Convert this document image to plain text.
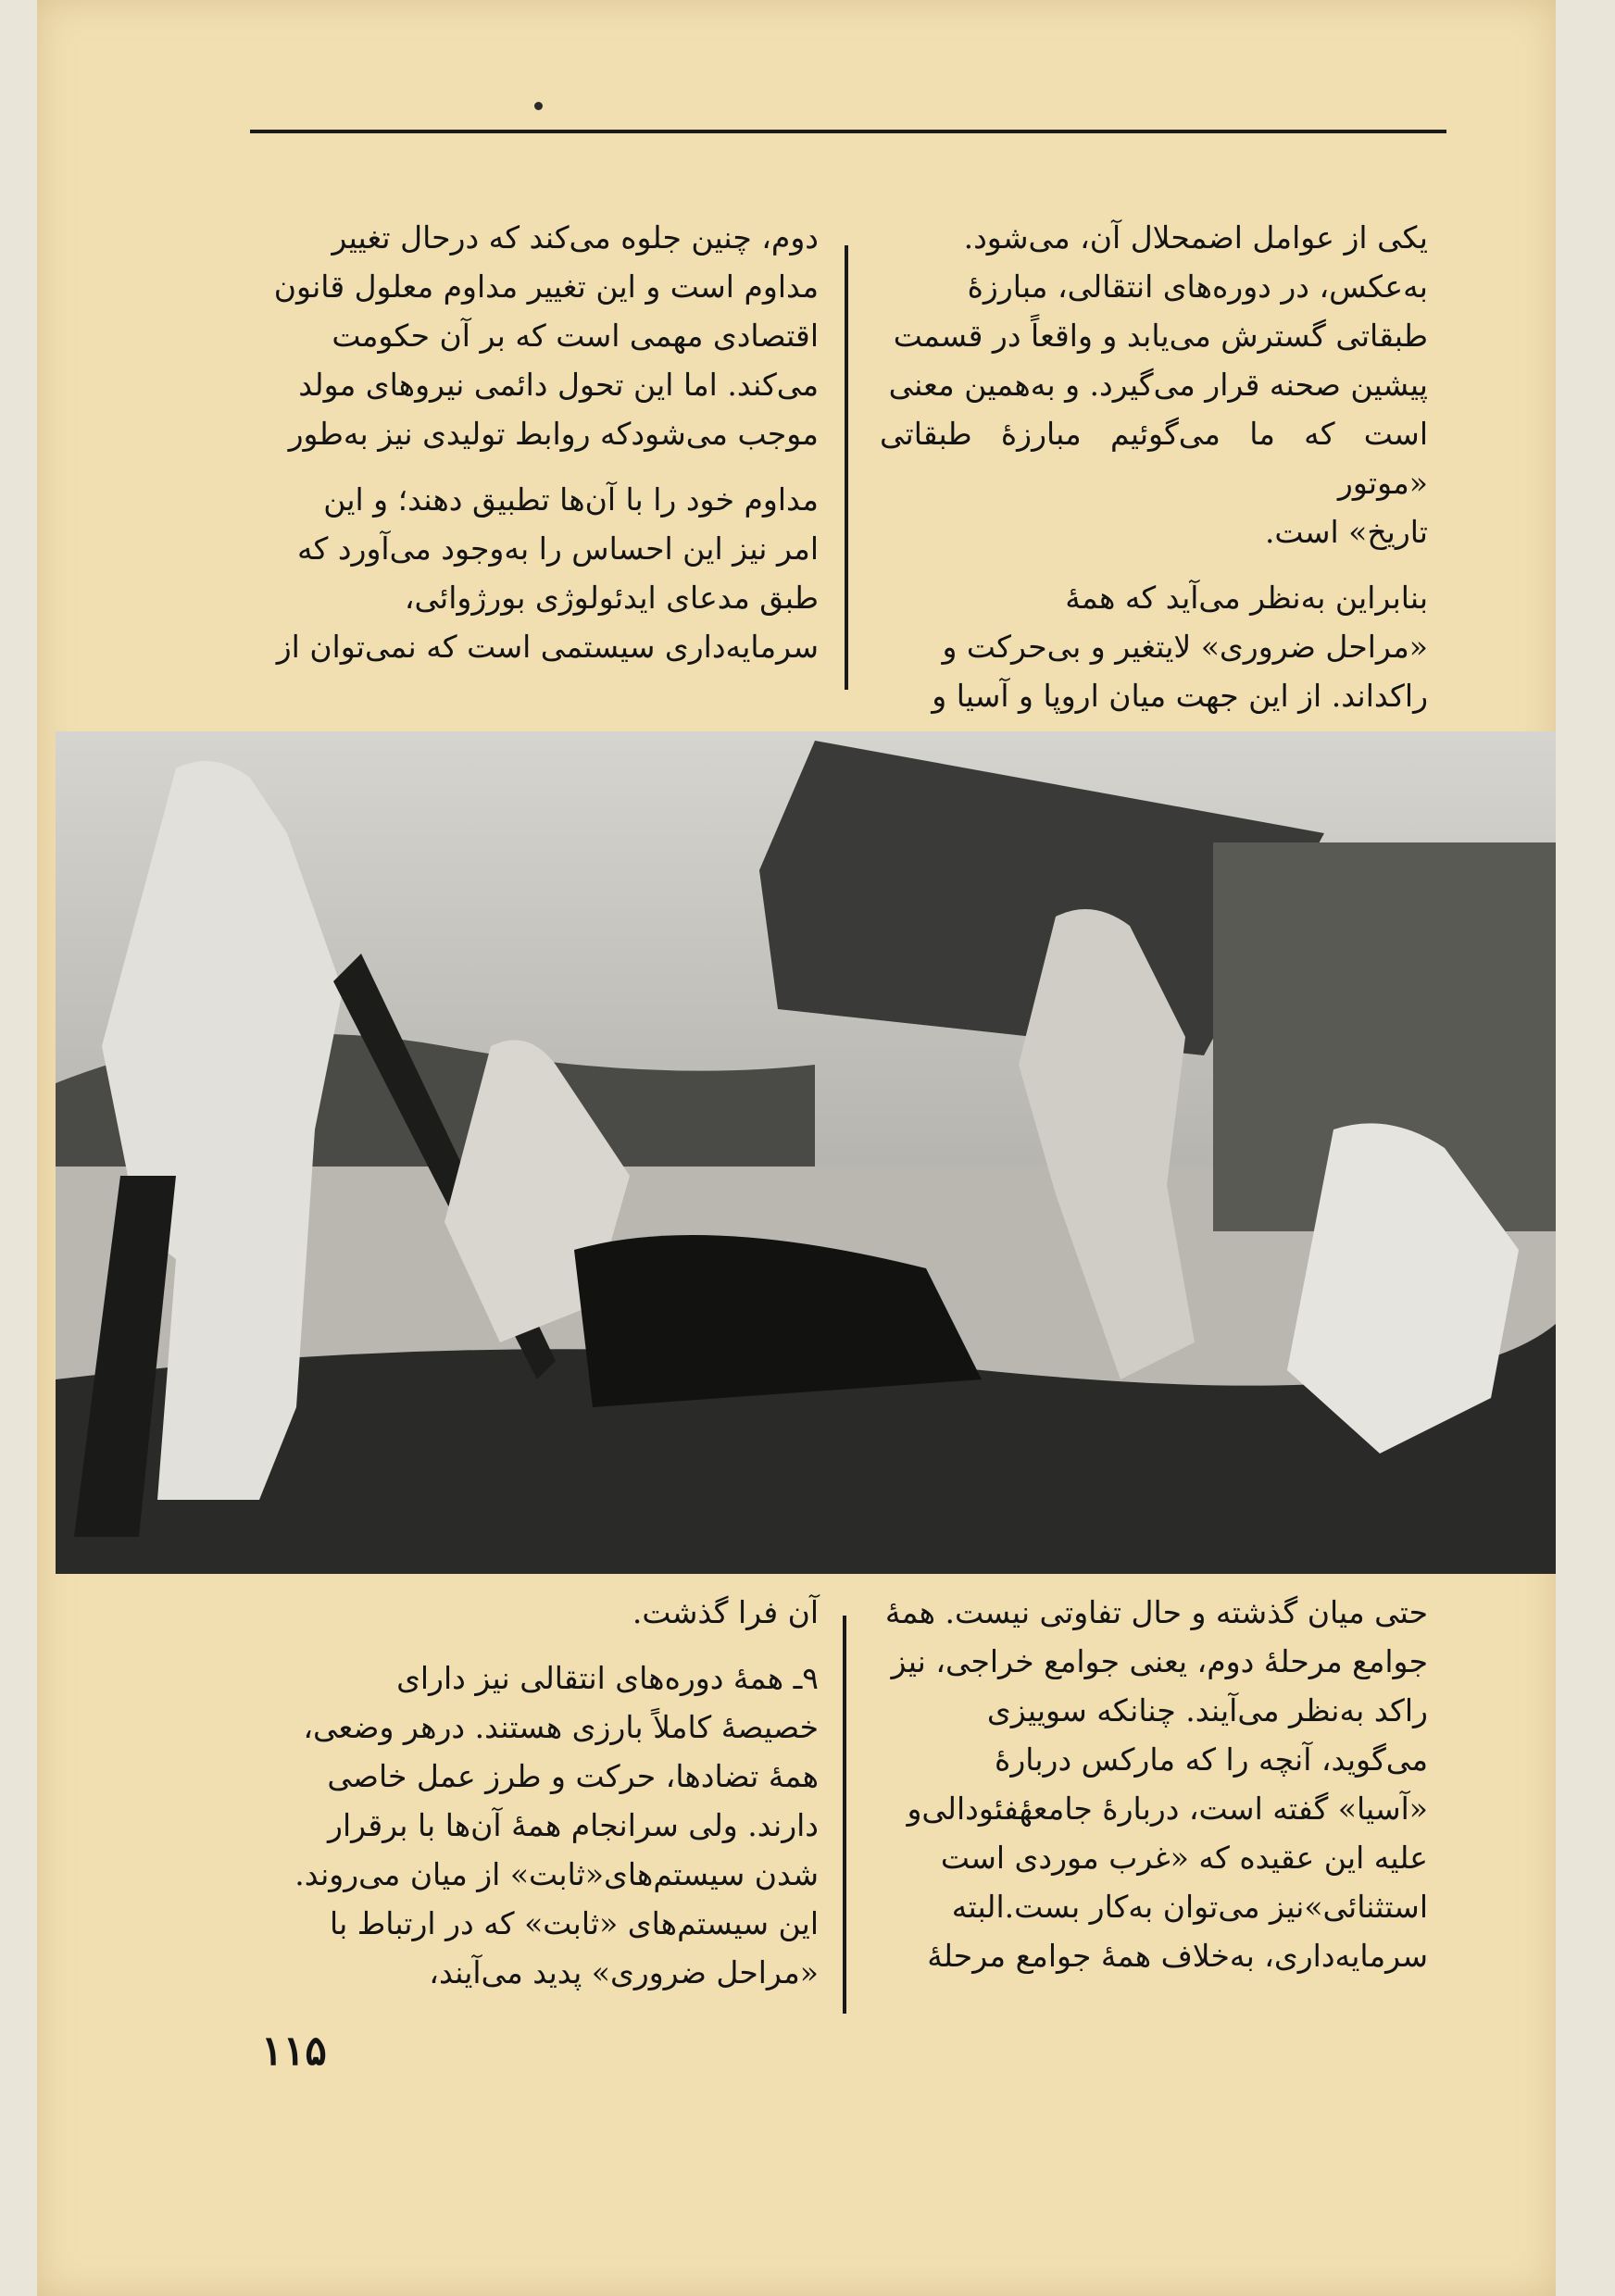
یکی از عوامل اضمحلال آن، می‌شود.
به‌عکس، در دوره‌های انتقالی، مبارزهٔ
طبقاتی گسترش می‌یابد و واقعاً در قسمت
پیشین صحنه قرار می‌گیرد. و به‌همین معنی
است که ما می‌گوئیم مبارزهٔ طبقاتی «موتور
تاریخ» است.

بنابراین به‌نظر می‌آید که همهٔ
«مراحل ضروری» لایتغیر و بی‌حرکت و
راکداند. از این جهت میان اروپا و آسیا و

دوم، چنین جلوه می‌کند که درحال تغییر
مداوم است و این تغییر مداوم معلول قانون
اقتصادی مهمی است که بر آن حکومت
می‌کند. اما این تحول دائمی نیروهای مولد
موجب می‌شودکه روابط تولیدی نیز به‌طور

مداوم خود را با آن‌ها تطبیق دهند؛ و این
امر نیز این احساس را به‌وجود می‌آورد که
طبق مدعای ایدئولوژی بورژوائی،
سرمایه‌داری سیستمی است که نمی‌توان از

حتی میان گذشته و حال تفاوتی نیست. همهٔ
جوامع مرحلهٔ دوم، یعنی جوامع خراجی، نیز
راکد به‌نظر می‌آیند. چنانکه سوییزی
می‌گوید، آنچه را که مارکس دربارهٔ
«آسیا» گفته است، دربارهٔ جامعهٔفئودالی‌و
علیه این عقیده که «غرب موردی است
استثنائی»نیز می‌توان به‌کار بست.البته
سرمایه‌داری، به‌خلاف همهٔ جوامع مرحلهٔ

آن فرا گذشت.

۹ـ همهٔ دوره‌های انتقالی نیز دارای
خصیصهٔ کاملاً بارزی هستند. درهر وضعی،
همهٔ تضادها، حرکت و طرز عمل خاصی
دارند. ولی سرانجام همهٔ آن‌ها با برقرار
شدن سیستم‌های«ثابت» از میان می‌روند.
این سیستم‌های «ثابت» که در ارتباط با
«مراحل ضروری» پدید می‌آیند،

۱۱۵
